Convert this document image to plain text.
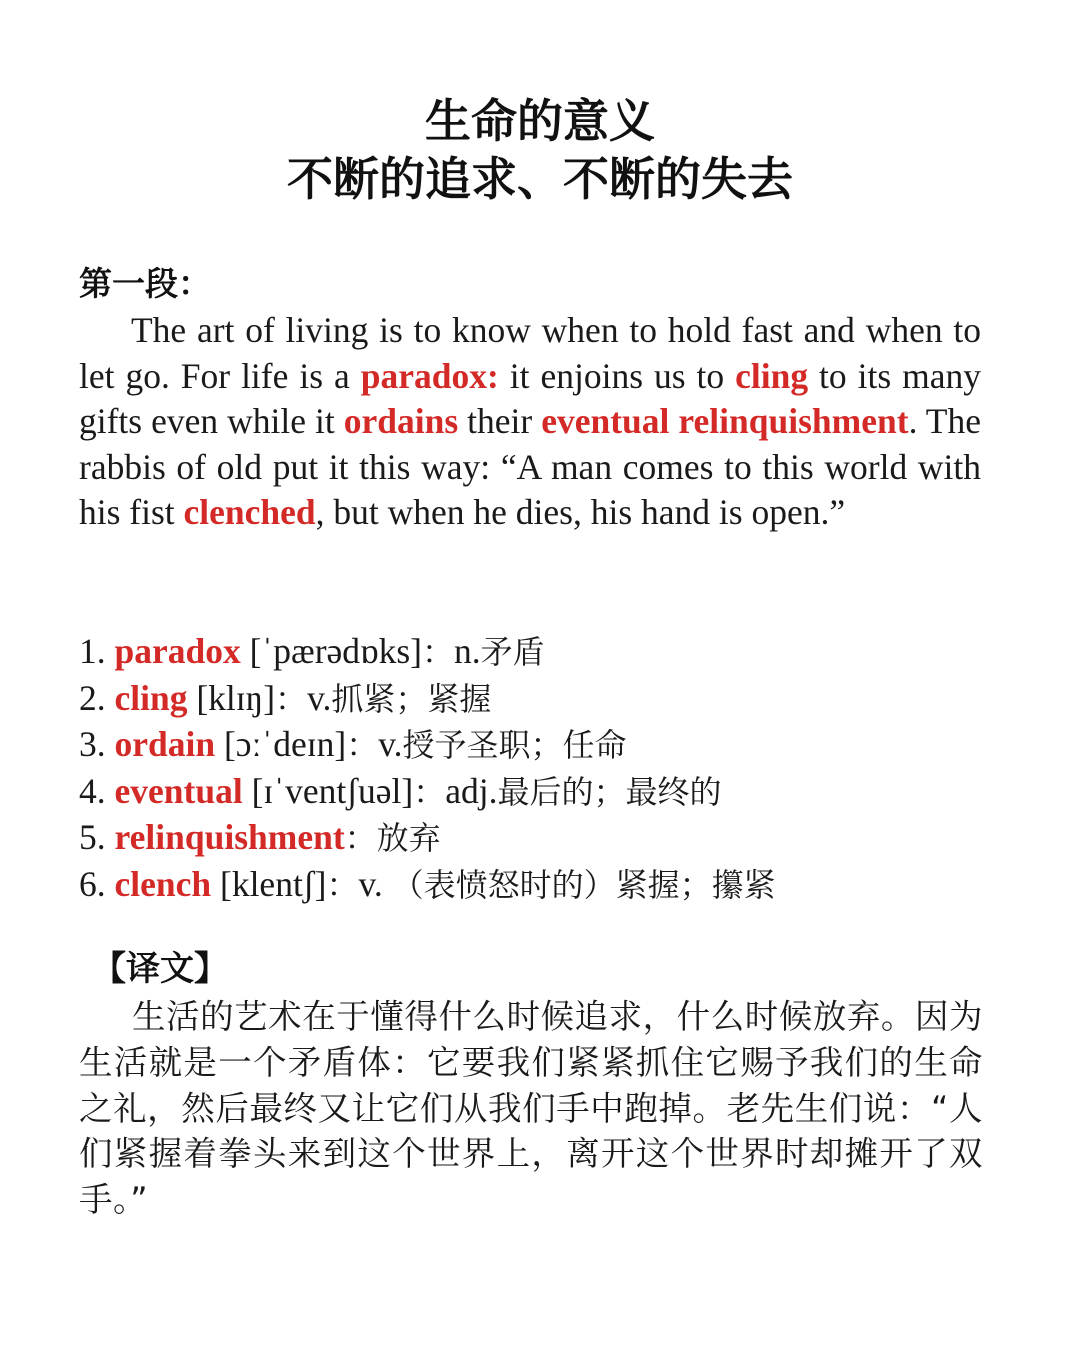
生命的意义
不断的追求、不断的失去
第一段：

The art of living is to know when to hold fast and when to let go. For life is a paradox: it enjoins us to cling to its many gifts even while it ordains their eventual relinquishment. The rabbis of old put it this way: “A man comes to this world with his fist clenched, but when he dies, his hand is open.”

1. paradox [ˈpærədɒks]：n.矛盾
2. cling [klɪŋ]：v.抓紧；紧握
3. ordain [ɔːˈdeɪn]：v.授予圣职；任命
4. eventual [ɪˈventʃuəl]：adj.最后的；最终的
5. relinquishment：放弃
6. clench [klentʃ]：v. （表愤怒时的）紧握；攥紧
【译文】

生活的艺术在于懂得什么时候追求，什么时候放弃。因为生活就是一个矛盾体：它要我们紧紧抓住它赐予我们的生命之礼，然后最终又让它们从我们手中跑掉。老先生们说：“人们紧握着拳头来到这个世界上，离开这个世界时却摊开了双手。”
